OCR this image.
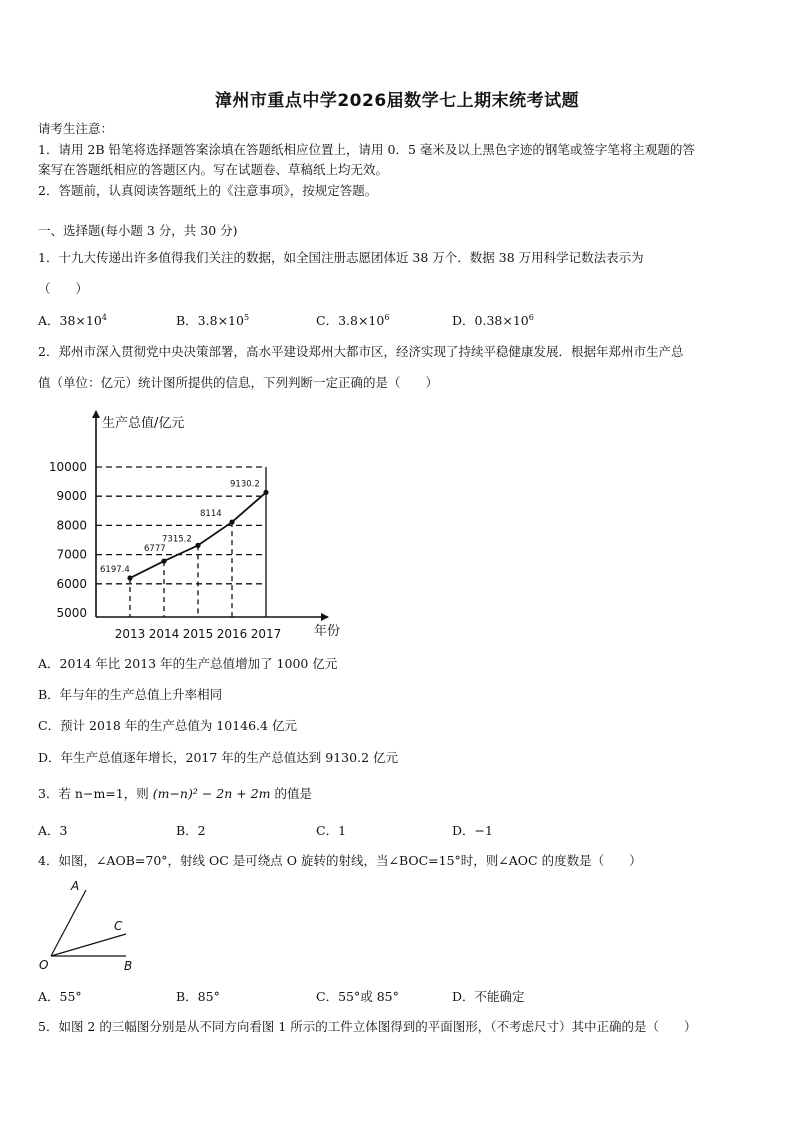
漳州市重点中学2026届数学七上期末统考试题
请考生注意：
1．请用 2B 铅笔将选择题答案涂填在答题纸相应位置上，请用 0．5 毫米及以上黑色字迹的钢笔或签字笔将主观题的答
案写在答题纸相应的答题区内。写在试题卷、草稿纸上均无效。
2．答题前，认真阅读答题纸上的《注意事项》，按规定答题。
一、选择题(每小题 3 分，共 30 分)
1．十九大传递出许多值得我们关注的数据，如全国注册志愿团体近 38 万个．数据 38 万用科学记数法表示为
（　　）
A．$38\times 10^4$	B．$3.8\times 10^5$	C．$3.8\times 10^6$	D．$0.38\times 10^6$
2．郑州市深入贯彻党中央决策部署，高水平建设郑州大都市区，经济实现了持续平稳健康发展．根据年郑州市生产总
值（单位：亿元）统计图所提供的信息，下列判断一定正确的是（　　）
生产总值/亿元
年份
5000
6000
7000
8000
9000
10000
2013 2014 2015 2016 2017
6197.4
6777
7315.2
8114
9130.2
A．2014 年比 2013 年的生产总值增加了 1000 亿元
B．年与年的生产总值上升率相同
C．预计 2018 年的生产总值为 10146.4 亿元
D．年生产总值逐年增长，2017 年的生产总值达到 9130.2 亿元
3．若 n−m=1，则 (m−n)² − 2n + 2m 的值是
A．3	B．2	C．1	D．−1
4．如图，∠AOB=70°，射线 OC 是可绕点 O 旋转的射线，当∠BOC=15°时，则∠AOC 的度数是（　　）
A
C
O	B
A．55°	B．85°	C．55°或 85°	D．不能确定
5．如图 2 的三幅图分别是从不同方向看图 1 所示的工件立体图得到的平面图形，（不考虑尺寸）其中正确的是（　　）
